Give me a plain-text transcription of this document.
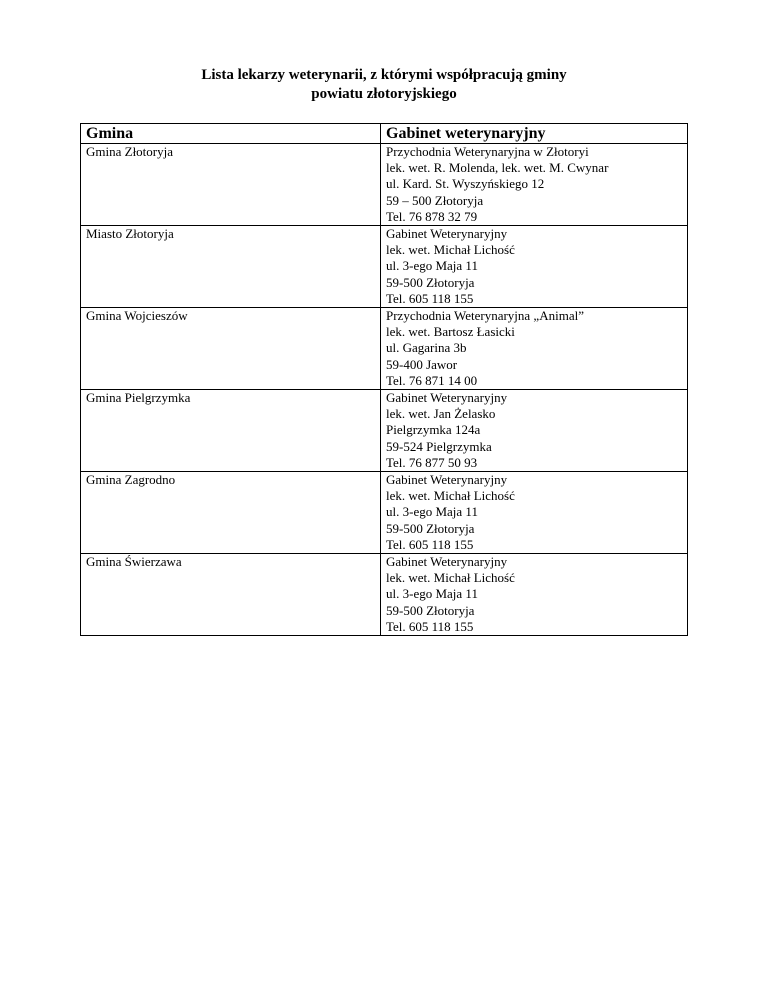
Lista lekarzy weterynarii, z którymi współpracują gminy
powiatu złotoryjskiego
Gmina	Gabinet weterynaryjny

Gmina Złotoryja	Przychodnia Weterynaryjna w Złotoryi
lek. wet. R. Molenda, lek. wet. M. Cwynar
ul. Kard. St. Wyszyńskiego 12
59 – 500 Złotoryja
Tel. 76 878 32 79

Miasto Złotoryja	Gabinet Weterynaryjny
lek. wet. Michał Lichość
ul. 3-ego Maja 11
59-500 Złotoryja
Tel. 605 118 155

Gmina Wojcieszów	Przychodnia Weterynaryjna „Animal”
lek. wet. Bartosz Łasicki
ul. Gagarina 3b
59-400 Jawor
Tel. 76 871 14 00

Gmina Pielgrzymka	Gabinet Weterynaryjny
lek. wet. Jan Żelasko
Pielgrzymka 124a
59-524 Pielgrzymka
Tel. 76 877 50 93

Gmina Zagrodno	Gabinet Weterynaryjny
lek. wet. Michał Lichość
ul. 3-ego Maja 11
59-500 Złotoryja
Tel. 605 118 155

Gmina Świerzawa	Gabinet Weterynaryjny
lek. wet. Michał Lichość
ul. 3-ego Maja 11
59-500 Złotoryja
Tel. 605 118 155
